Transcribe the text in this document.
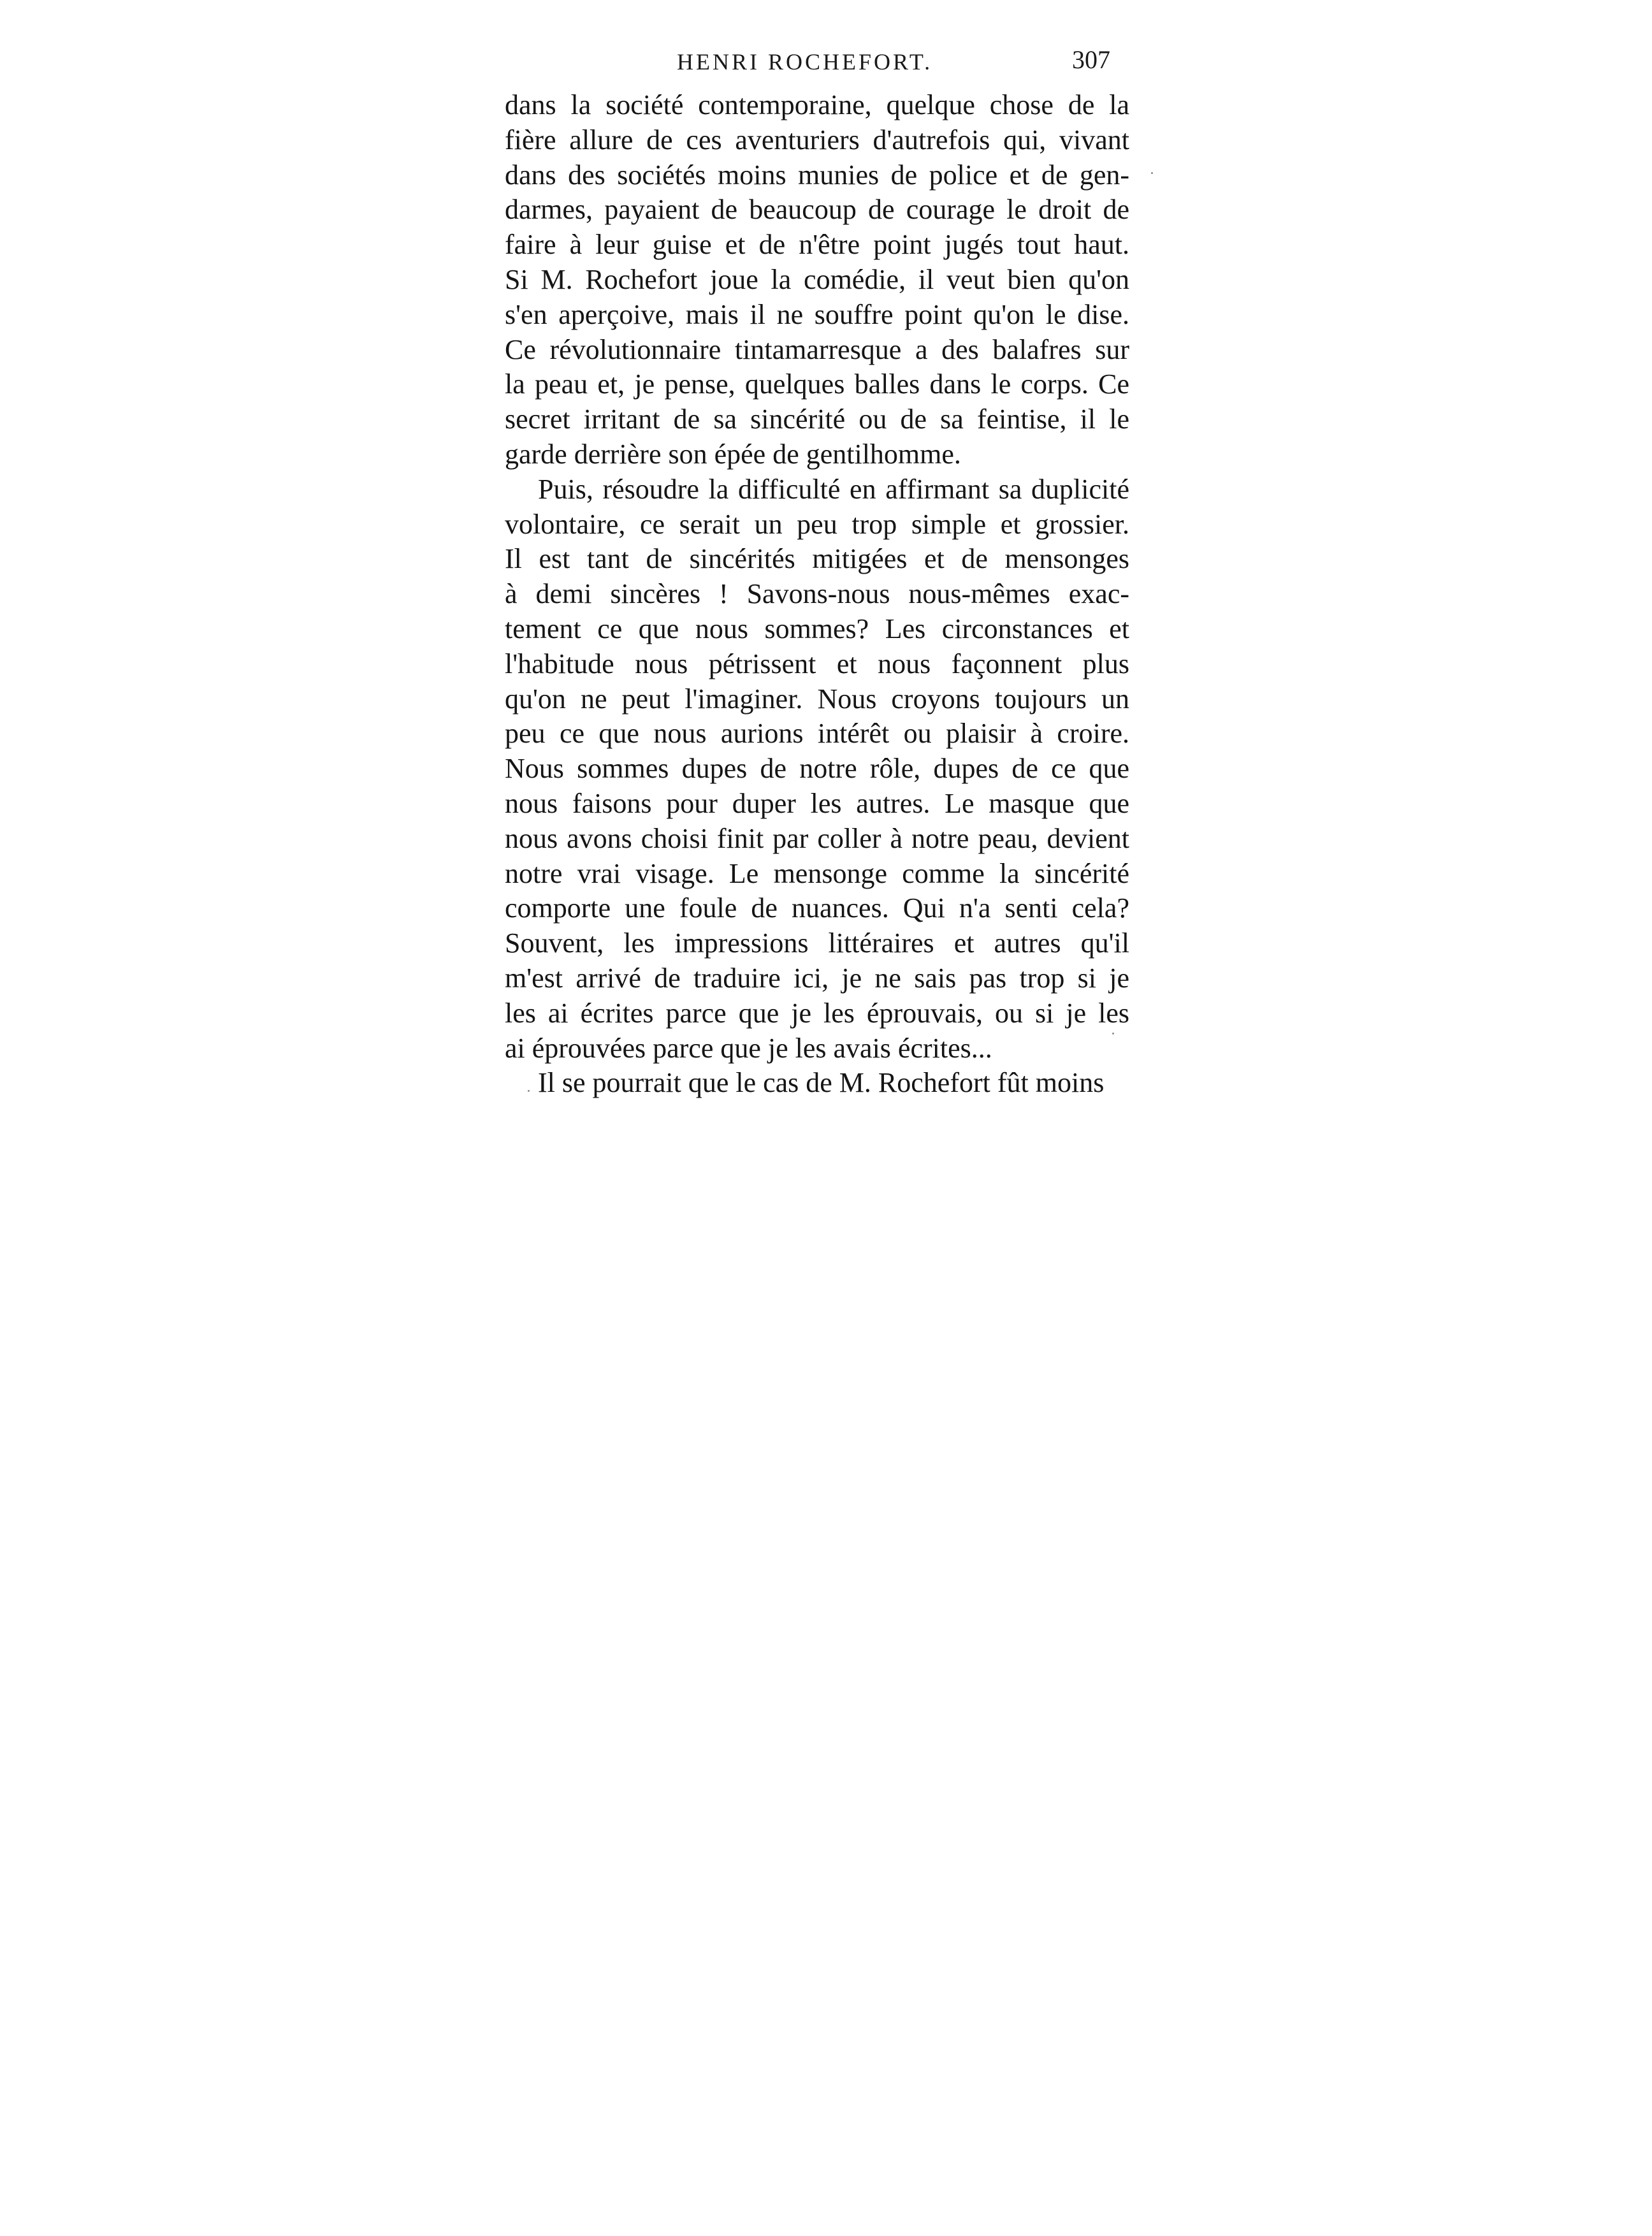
HENRI ROCHEFORT.	307
dans la société contemporaine, quelque chose de la
fière allure de ces aventuriers d'autrefois qui, vivant
dans des sociétés moins munies de police et de gen-
darmes, payaient de beaucoup de courage le droit de
faire à leur guise et de n'être point jugés tout haut.
Si M. Rochefort joue la comédie, il veut bien qu'on
s'en aperçoive, mais il ne souffre point qu'on le dise.
Ce révolutionnaire tintamarresque a des balafres sur
la peau et, je pense, quelques balles dans le corps. Ce
secret irritant de sa sincérité ou de sa feintise, il le
garde derrière son épée de gentilhomme.
Puis, résoudre la difficulté en affirmant sa duplicité
volontaire, ce serait un peu trop simple et grossier.
Il est tant de sincérités mitigées et de mensonges
à demi sincères ! Savons-nous nous-mêmes exac-
tement ce que nous sommes? Les circonstances et
l'habitude nous pétrissent et nous façonnent plus
qu'on ne peut l'imaginer. Nous croyons toujours un
peu ce que nous aurions intérêt ou plaisir à croire.
Nous sommes dupes de notre rôle, dupes de ce que
nous faisons pour duper les autres. Le masque que
nous avons choisi finit par coller à notre peau, devient
notre vrai visage. Le mensonge comme la sincérité
comporte une foule de nuances. Qui n'a senti cela?
Souvent, les impressions littéraires et autres qu'il
m'est arrivé de traduire ici, je ne sais pas trop si je
les ai écrites parce que je les éprouvais, ou si je les
ai éprouvées parce que je les avais écrites...
Il se pourrait que le cas de M. Rochefort fût moins
